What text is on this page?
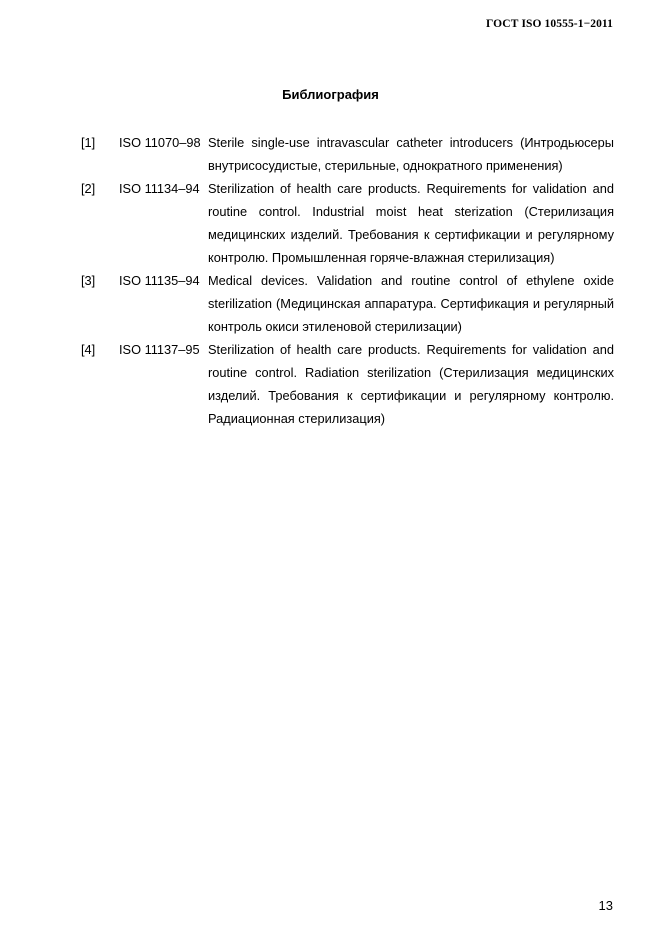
ГОСТ ISO 10555-1−2011
Библиография
[1] ISO 11070–98 Sterile single-use intravascular catheter introducers (Интродьюсеры внутрисосудистые, стерильные, однократного применения)
[2] ISO 11134–94 Sterilization of health care products. Requirements for validation and routine control. Industrial moist heat sterization (Стерилизация медицинских изделий. Требования к сертификации и регулярному контролю. Промышленная горяче-влажная стерилизация)
[3] ISO 11135–94 Medical devices. Validation and routine control of ethylene oxide sterilization (Медицинская аппаратура. Сертификация и регулярный контроль окиси этиленовой стерилизации)
[4] ISO 11137–95 Sterilization of health care products. Requirements for validation and routine control. Radiation sterilization (Стерилизация медицинских изделий. Требования к сертификации и регулярному контролю. Радиационная стерилизация)
13
